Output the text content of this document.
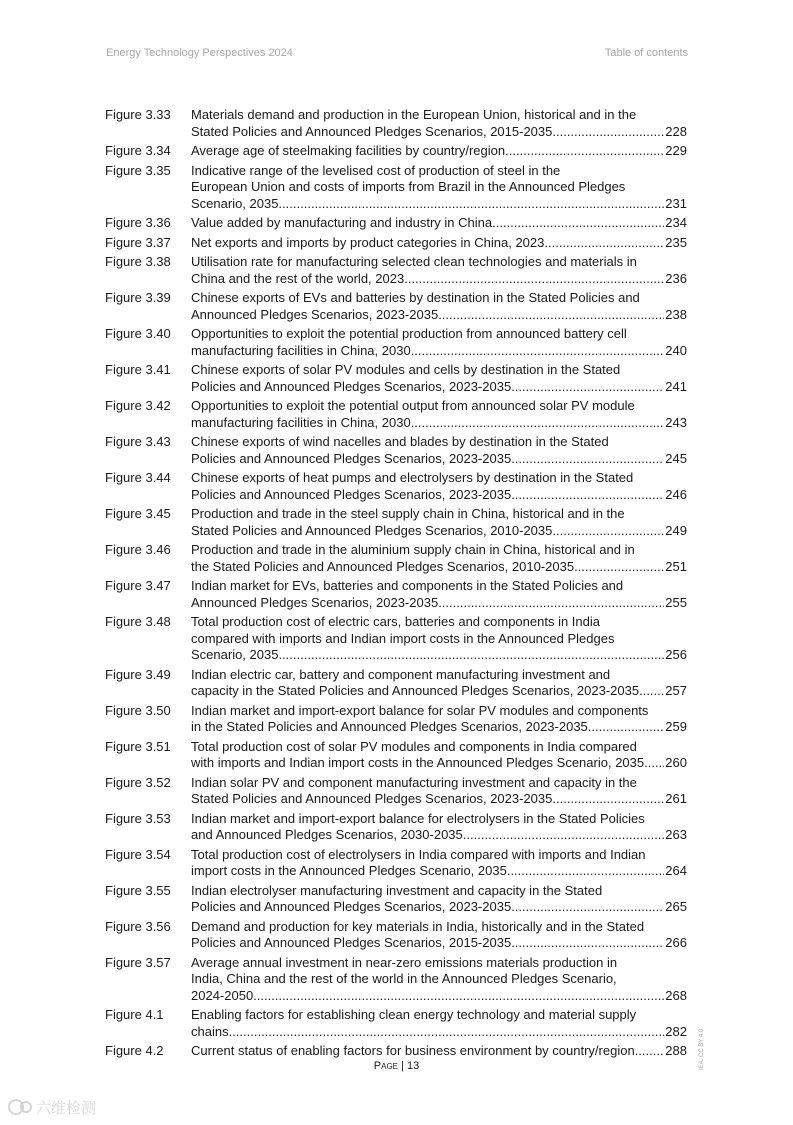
Energy Technology Perspectives 2024	Table of contents
Figure 3.33	Materials demand and production in the European Union, historical and in the
Stated Policies and Announced Pledges Scenarios, 2015-2035 .....	228
Figure 3.34	Average age of steelmaking facilities by country/region .....	229
Figure 3.35	Indicative range of the levelised cost of production of steel in the
European Union and costs of imports from Brazil in the Announced Pledges
Scenario, 2035 .....	231
Figure 3.36	Value added by manufacturing and industry in China .....	234
Figure 3.37	Net exports and imports by product categories in China, 2023 .....	235
Figure 3.38	Utilisation rate for manufacturing selected clean technologies and materials in
China and the rest of the world, 2023 .....	236
Figure 3.39	Chinese exports of EVs and batteries by destination in the Stated Policies and
Announced Pledges Scenarios, 2023-2035 .....	238
Figure 3.40	Opportunities to exploit the potential production from announced battery cell
manufacturing facilities in China, 2030 .....	240
Figure 3.41	Chinese exports of solar PV modules and cells by destination in the Stated
Policies and Announced Pledges Scenarios, 2023-2035 .....	241
Figure 3.42	Opportunities to exploit the potential output from announced solar PV module
manufacturing facilities in China, 2030 .....	243
Figure 3.43	Chinese exports of wind nacelles and blades by destination in the Stated
Policies and Announced Pledges Scenarios, 2023-2035 .....	245
Figure 3.44	Chinese exports of heat pumps and electrolysers by destination in the Stated
Policies and Announced Pledges Scenarios, 2023-2035 .....	246
Figure 3.45	Production and trade in the steel supply chain in China, historical and in the
Stated Policies and Announced Pledges Scenarios, 2010-2035 .....	249
Figure 3.46	Production and trade in the aluminium supply chain in China, historical and in
the Stated Policies and Announced Pledges Scenarios, 2010-2035 .....	251
Figure 3.47	Indian market for EVs, batteries and components in the Stated Policies and
Announced Pledges Scenarios, 2023-2035 .....	255
Figure 3.48	Total production cost of electric cars, batteries and components in India
compared with imports and Indian import costs in the Announced Pledges
Scenario, 2035 .....	256
Figure 3.49	Indian electric car, battery and component manufacturing investment and
capacity in the Stated Policies and Announced Pledges Scenarios, 2023-2035 ..... 257
Figure 3.50	Indian market and import-export balance for solar PV modules and components
in the Stated Policies and Announced Pledges Scenarios, 2023-2035 .....	259
Figure 3.51	Total production cost of solar PV modules and components in India compared
with imports and Indian import costs in the Announced Pledges Scenario, 2035 ..... 260
Figure 3.52	Indian solar PV and component manufacturing investment and capacity in the
Stated Policies and Announced Pledges Scenarios, 2023-2035 .....	261
Figure 3.53	Indian market and import-export balance for electrolysers in the Stated Policies
and Announced Pledges Scenarios, 2030-2035 .....	263
Figure 3.54	Total production cost of electrolysers in India compared with imports and Indian
import costs in the Announced Pledges Scenario, 2035 .....	264
Figure 3.55	Indian electrolyser manufacturing investment and capacity in the Stated
Policies and Announced Pledges Scenarios, 2023-2035 .....	265
Figure 3.56	Demand and production for key materials in India, historically and in the Stated
Policies and Announced Pledges Scenarios, 2015-2035 .....	266
Figure 3.57	Average annual investment in near-zero emissions materials production in
India, China and the rest of the world in the Announced Pledges Scenario,
2024-2050 .....	268
Figure 4.1	Enabling factors for establishing clean energy technology and material supply
chains .....	282
Figure 4.2	Current status of enabling factors for business environment by country/region ..... 288
Page | 13	IEA. CC BY 4.0.
六维检测
